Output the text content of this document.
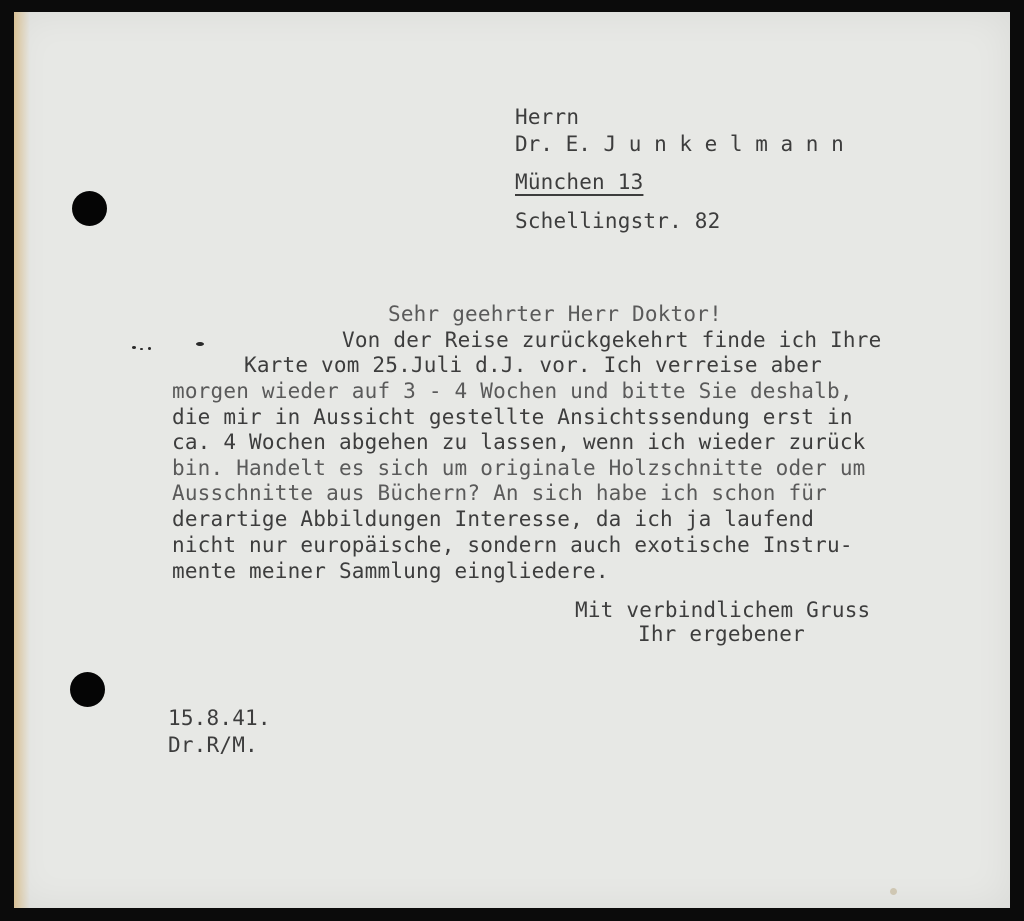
Herrn
Dr. E. J u n k e l m a n n
München 13
Schellingstr. 82
Sehr geehrter Herr Doktor!
Von der Reise zurückgekehrt finde ich Ihre
Karte vom 25.Juli d.J. vor. Ich verreise aber
morgen wieder auf 3 - 4 Wochen und bitte Sie deshalb,
die mir in Aussicht gestellte Ansichtssendung erst in
ca. 4 Wochen abgehen zu lassen, wenn ich wieder zurück
bin. Handelt es sich um originale Holzschnitte oder um
Ausschnitte aus Büchern? An sich habe ich schon für
derartige Abbildungen Interesse, da ich ja laufend
nicht nur europäische, sondern auch exotische Instru-
mente meiner Sammlung eingliedere.
Mit verbindlichem Gruss
Ihr ergebener
15.8.41.
Dr.R/M.
